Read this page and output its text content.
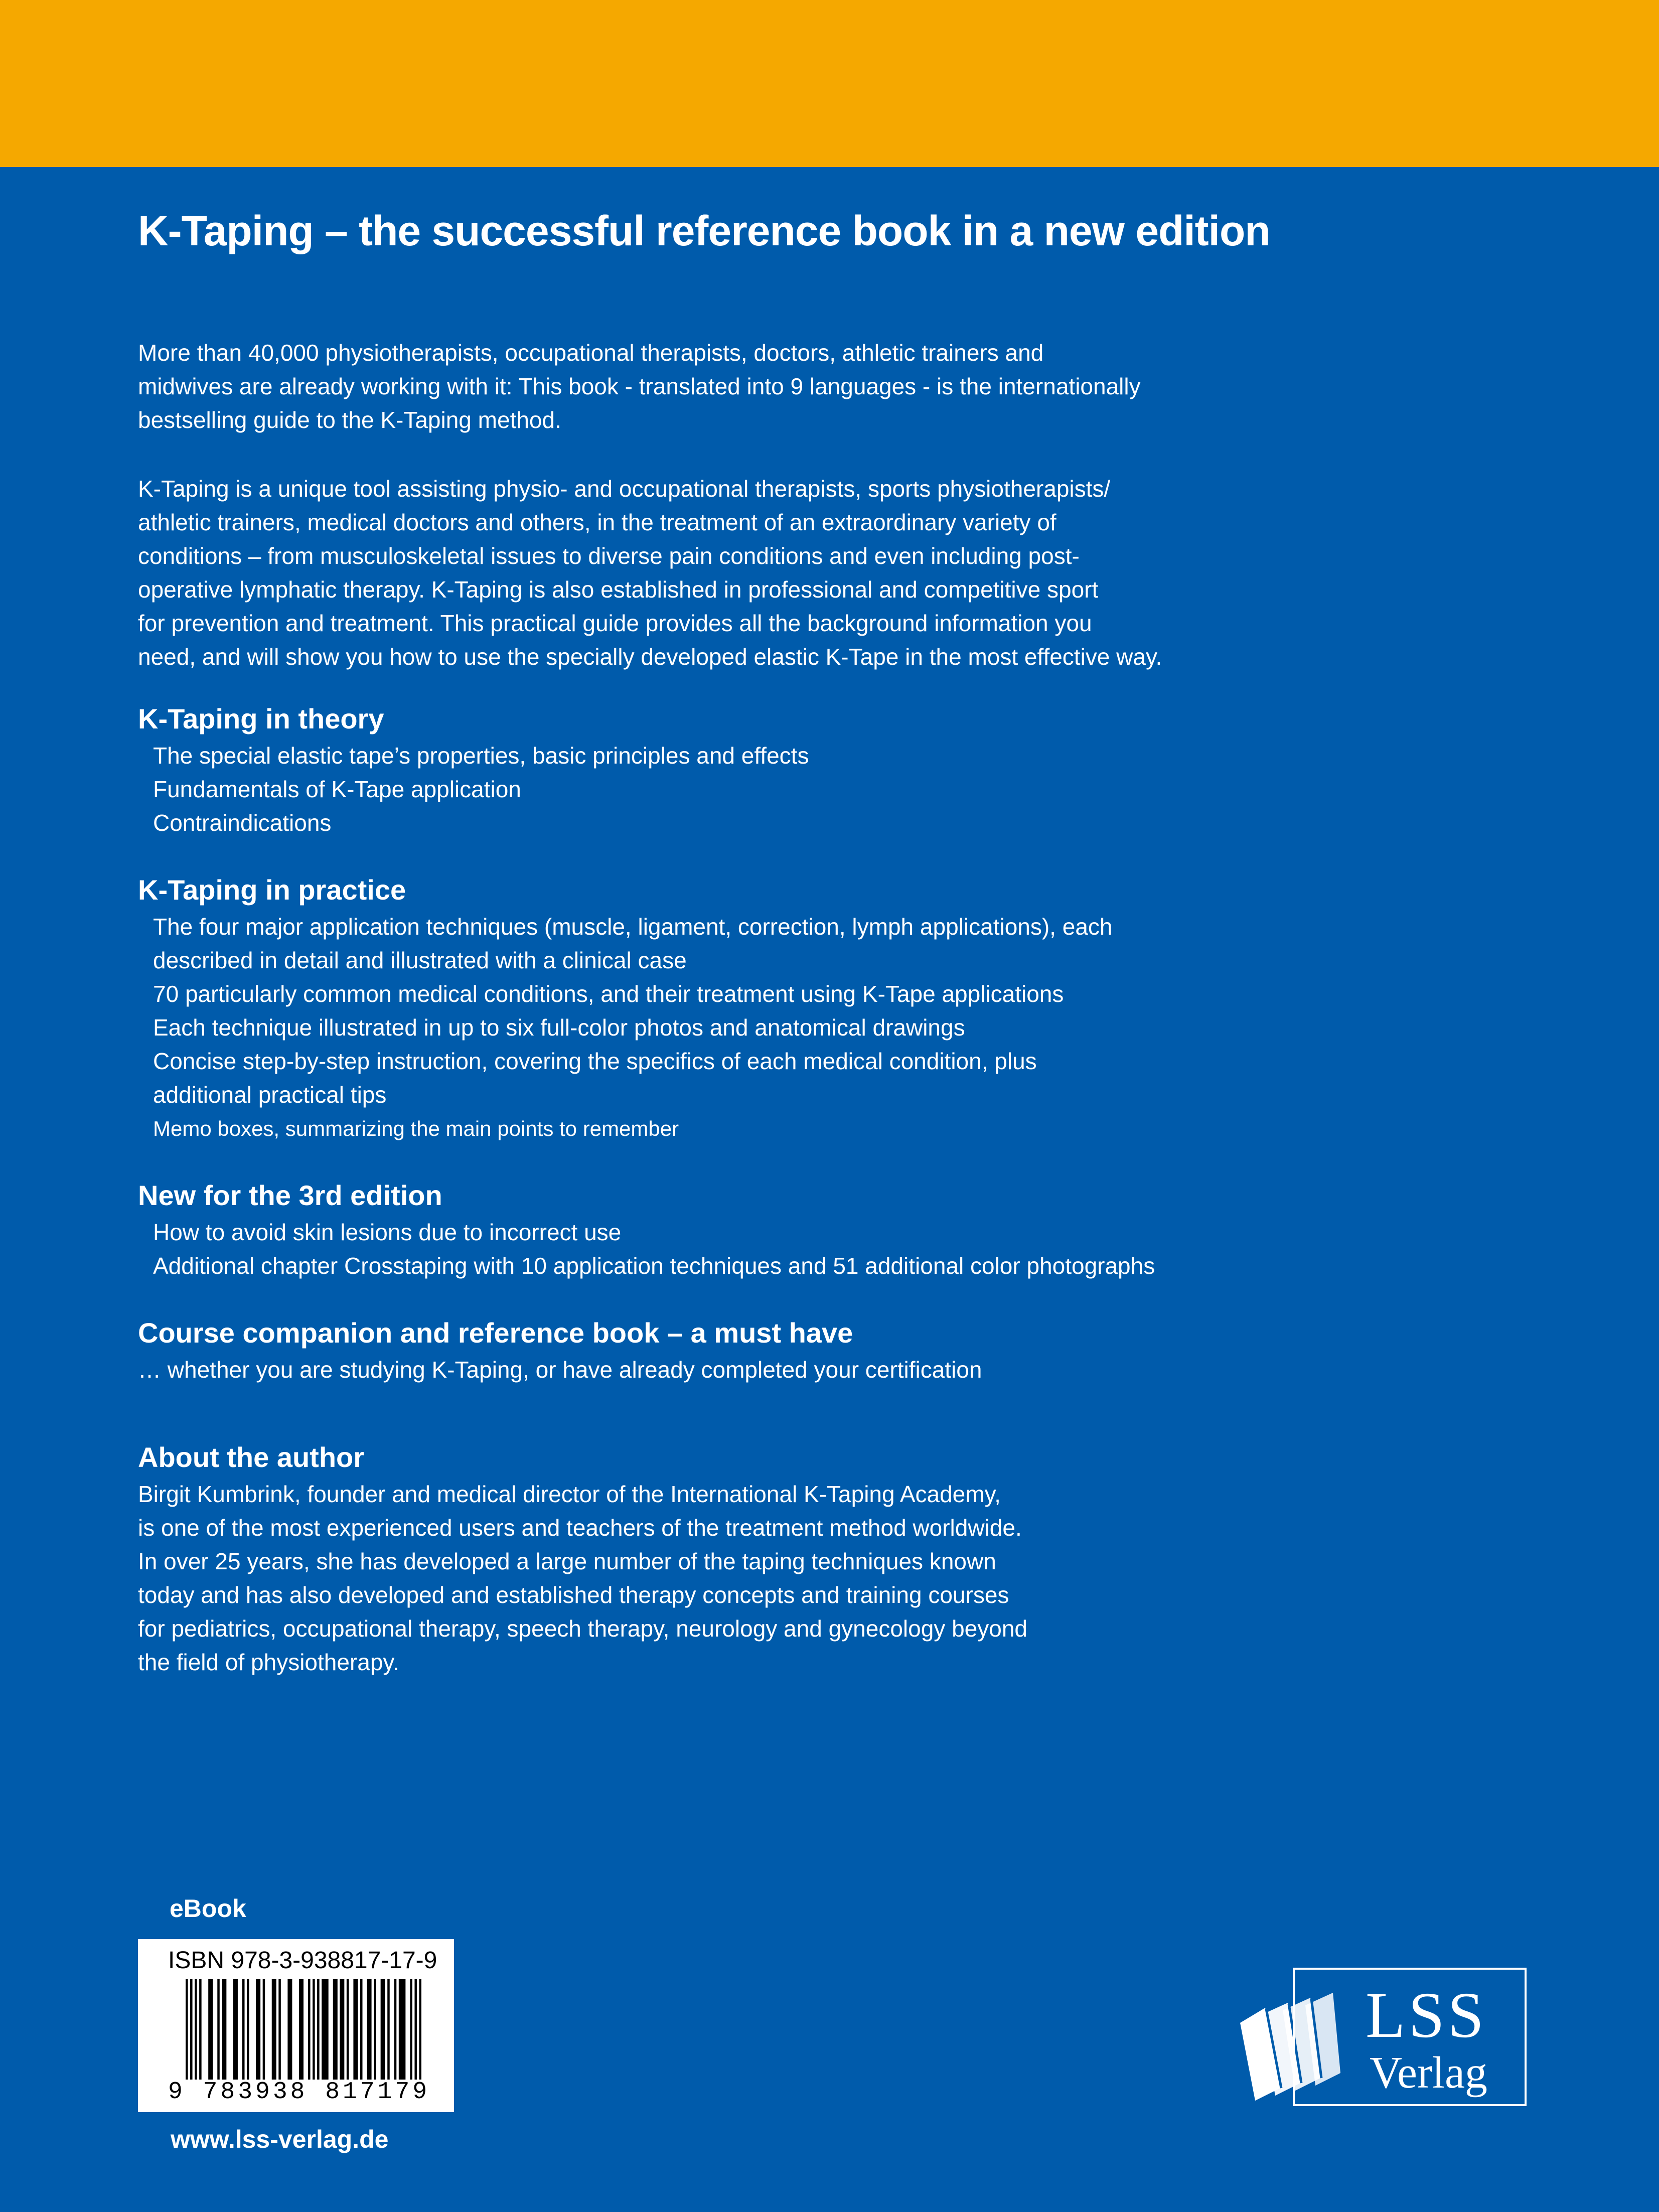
K-Taping – the successful reference book in a new edition

More than 40,000 physiotherapists, occupational therapists, doctors, athletic trainers and
midwives are already working with it: This book - translated into 9 languages - is the internationally
bestselling guide to the K-Taping method.

K-Taping is a unique tool assisting physio- and occupational therapists, sports physiotherapists/
athletic trainers, medical doctors and others, in the treatment of an extraordinary variety of
conditions – from musculoskeletal issues to diverse pain conditions and even including post-
operative lymphatic therapy. K-Taping is also established in professional and competitive sport
for prevention and treatment. This practical guide provides all the background information you
need, and will show you how to use the specially developed elastic K-Tape in the most effective way.

K-Taping in theory
The special elastic tape’s properties, basic principles and effects
Fundamentals of K-Tape application
Contraindications
K-Taping in practice
The four major application techniques (muscle, ligament, correction, lymph applications), each
described in detail and illustrated with a clinical case
70 particularly common medical conditions, and their treatment using K-Tape applications
Each technique illustrated in up to six full-color photos and anatomical drawings
Concise step-by-step instruction, covering the specifics of each medical condition, plus
additional practical tips
Memo boxes, summarizing the main points to remember
New for the 3rd edition
How to avoid skin lesions due to incorrect use
Additional chapter Crosstaping with 10 application techniques and 51 additional color photographs
Course companion and reference book – a must have

… whether you are studying K-Taping, or have already completed your certification

About the author

Birgit Kumbrink, founder and medical director of the International K-Taping Academy,

is one of the most experienced users and teachers of the treatment method worldwide.

In over 25 years, she has developed a large number of the taping techniques known

today and has also developed and established therapy concepts and training courses

for pediatrics, occupational therapy, speech therapy, neurology and gynecology beyond

the field of physiotherapy.

eBook
ISBN 978-3-938817-17-9
9 783938 817179
www.lss-verlag.de
LSS
Verlag
